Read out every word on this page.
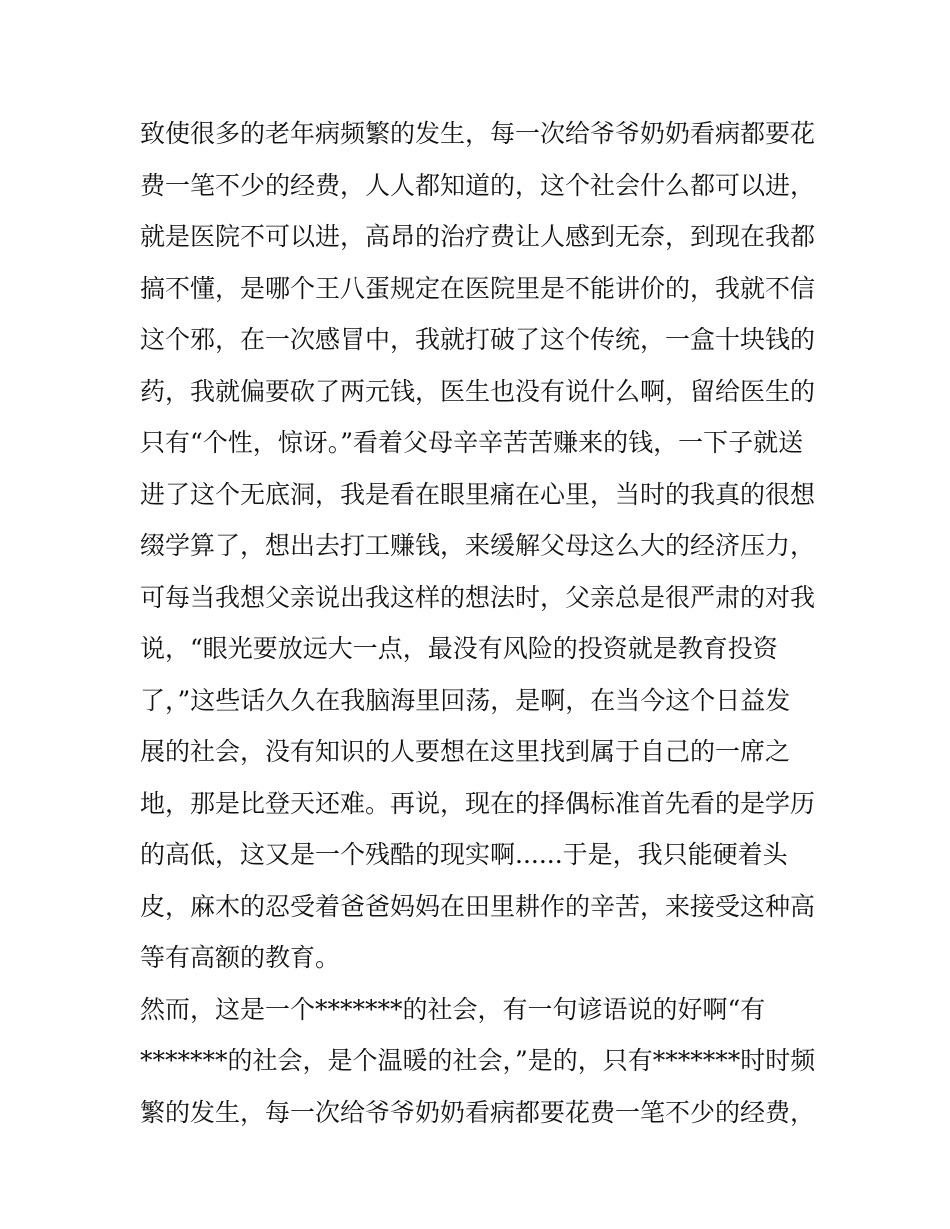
致使很多的老年病频繁的发生，每一次给爷爷奶奶看病都要花
费一笔不少的经费，人人都知道的，这个社会什么都可以进，
就是医院不可以进，高昂的治疗费让人感到无奈，到现在我都
搞不懂，是哪个王八蛋规定在医院里是不能讲价的，我就不信
这个邪，在一次感冒中，我就打破了这个传统，一盒十块钱的
药，我就偏要砍了两元钱，医生也没有说什么啊，留给医生的
只有“个性，惊讶。”看着父母辛辛苦苦赚来的钱，一下子就送
进了这个无底洞，我是看在眼里痛在心里，当时的我真的很想
缀学算了，想出去打工赚钱，来缓解父母这么大的经济压力，
可每当我想父亲说出我这样的想法时，父亲总是很严肃的对我
说，“眼光要放远大一点，最没有风险的投资就是教育投资
了，”这些话久久在我脑海里回荡，是啊，在当今这个日益发
展的社会，没有知识的人要想在这里找到属于自己的一席之
地，那是比登天还难。再说，现在的择偶标准首先看的是学历
的高低，这又是一个残酷的现实啊......于是，我只能硬着头
皮，麻木的忍受着爸爸妈妈在田里耕作的辛苦，来接受这种高
等有高额的教育。
然而，这是一个*******的社会，有一句谚语说的好啊“有
*******的社会，是个温暖的社会，”是的，只有*******时时频
繁的发生，每一次给爷爷奶奶看病都要花费一笔不少的经费，
